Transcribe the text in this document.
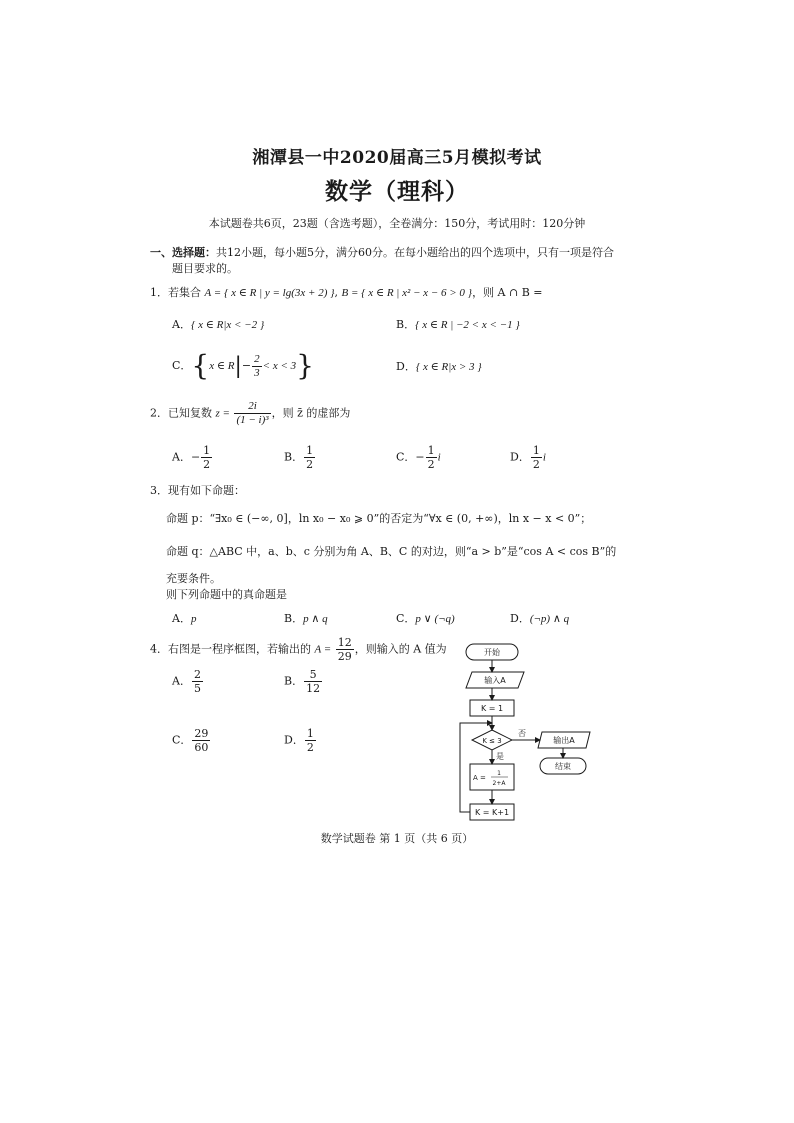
湘潭县一中2020届高三5月模拟考试
数学（理科）
本试题卷共6页，23题（含选考题），全卷满分：150分，考试用时：120分钟
一、选择题：共12小题，每小题5分，满分60分。在每小题给出的四个选项中，只有一项是符合
题目要求的。
1．若集合 A = { x ∈ R | y = lg(3x + 2) }, B = { x ∈ R | x² − x − 6 > 0 }，则 A ∩ B =
A．{ x ∈ R|x < −2 }	B．{ x ∈ R | −2 < x < −1 }
C．{x ∈ $R|- \frac{2}{3} < x < 3$}	D．{ x ∈ R|x > 3 }
2．已知复数 $z = \frac{2i}{\text{(1 − i)³}}$ ，则 z̄ 的虚部为
A．− $\frac{1}{2}$	B． $\frac{1}{2}$	C．− $\frac{1}{2}$ i	D． $\frac{1}{2}$ i
3．现有如下命题：
命题 p：“∃x₀ ∈ (−∞, 0]，ln x₀ − x₀ ⩾ 0”的否定为“∀x ∈ (0, +∞)，ln x − x < 0”；
命题 q：△ABC 中，a、b、c 分别为角 A、B、C 的对边，则“a > b”是“cos A < cos B”的
充要条件。
则下列命题中的真命题是
A．p	B．p ∧ q	C．p ∨ (¬q)	D．(¬p) ∧ q
4．右图是一程序框图，若输出的 $A = \frac{12}{29}$ ，则输入的 A 值为
A． $\frac{2}{5}$	B． $\frac{5}{12}$
C． $\frac{29}{60}$	D． $\frac{1}{2}$
开始
输入A
K = 1
K ≤ 3
否
是
输出A
结束
A =
1
2+A
K = K+1
数学试题卷 第 1 页（共 6 页）
